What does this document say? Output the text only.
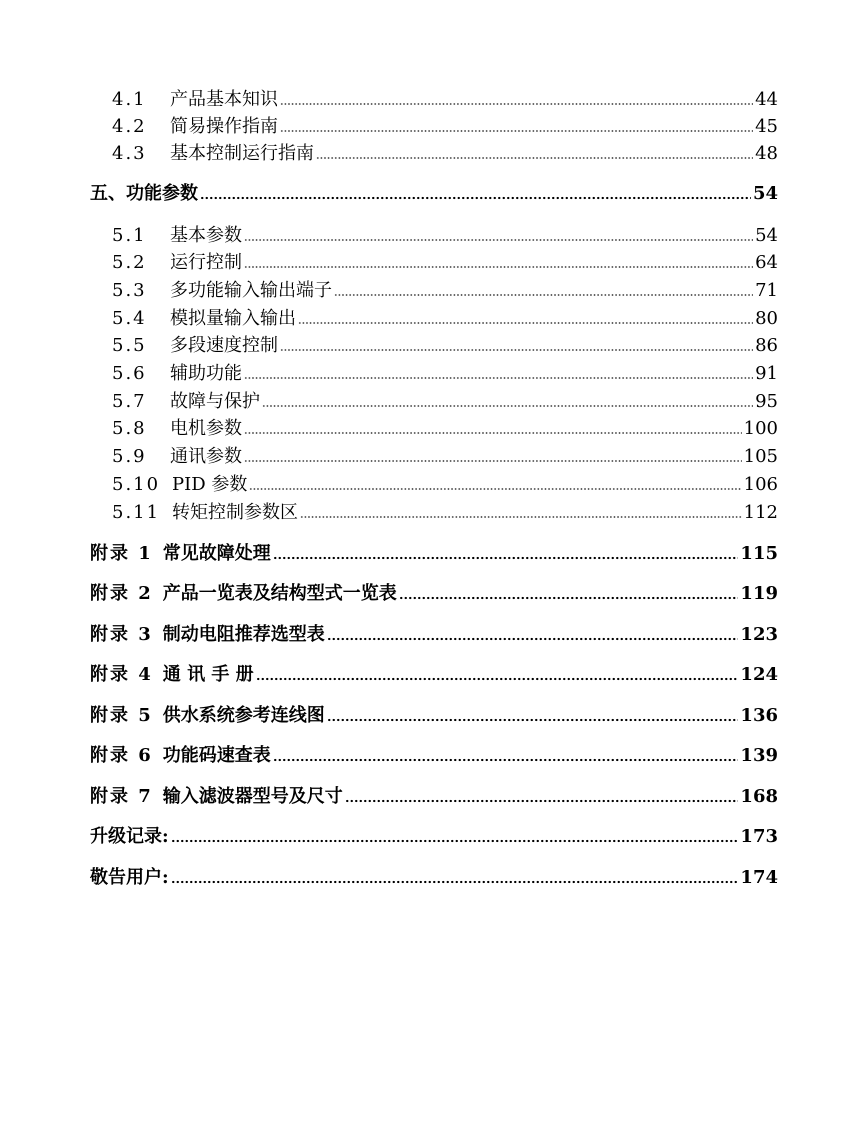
4.1	产品基本知识	44
4.2	简易操作指南	45
4.3	基本控制运行指南	48
五、功能参数	54
5.1	基本参数	54
5.2	运行控制	64
5.3	多功能输入输出端子	71
5.4	模拟量输入输出	80
5.5	多段速度控制	86
5.6	辅助功能	91
5.7	故障与保护	95
5.8	电机参数	100
5.9	通讯参数	105
5.10 PID 参数	106
5.11 转矩控制参数区	112
附录 1 常见故障处理	115
附录 2 产品一览表及结构型式一览表	119
附录 3 制动电阻推荐选型表	123
附录 4 通 讯 手 册	124
附录 5 供水系统参考连线图	136
附录 6 功能码速查表	139
附录 7 输入滤波器型号及尺寸	168
升级记录:	173
敬告用户:	174
